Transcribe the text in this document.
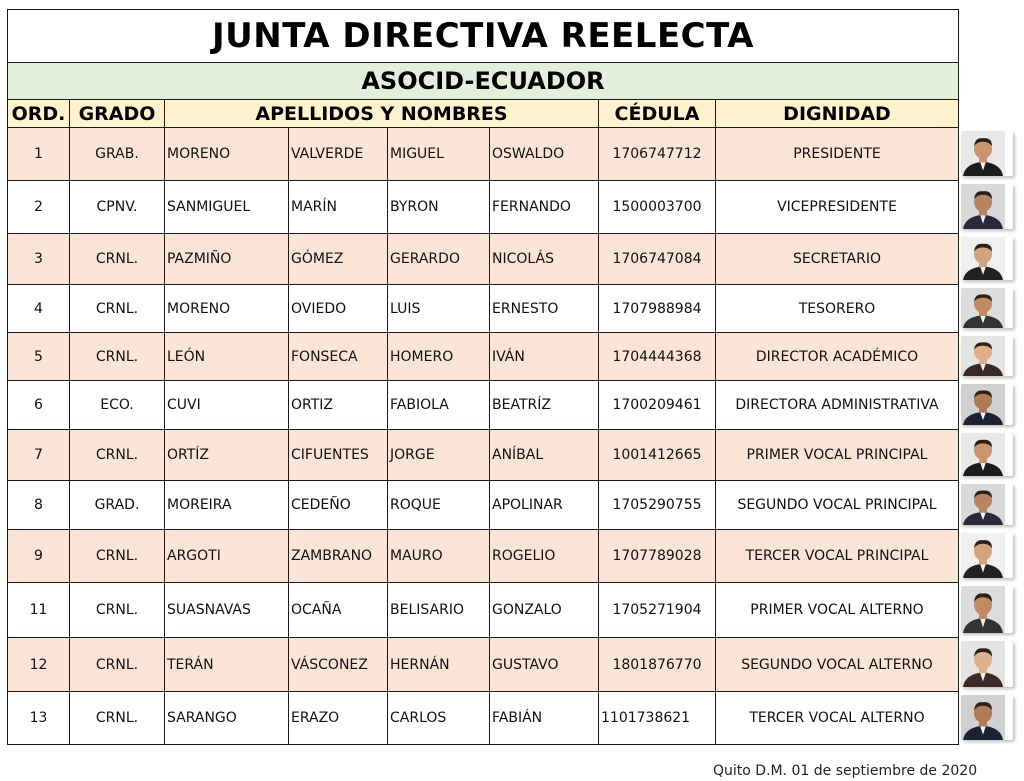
JUNTA DIRECTIVA REELECTA							
ASOCID-ECUADOR							
ORD.	GRADO	APELLIDOS Y NOMBRES				CÉDULA	DIGNIDAD
1	GRAB.	MORENO	VALVERDE	MIGUEL	OSWALDO	1706747712	PRESIDENTE
2	CPNV.	SANMIGUEL	MARÍN	BYRON	FERNANDO	1500003700	VICEPRESIDENTE
3	CRNL.	PAZMIÑO	GÓMEZ	GERARDO	NICOLÁS	1706747084	SECRETARIO
4	CRNL.	MORENO	OVIEDO	LUIS	ERNESTO	1707988984	TESORERO
5	CRNL.	LEÓN	FONSECA	HOMERO	IVÁN	1704444368	DIRECTOR ACADÉMICO
6	ECO.	CUVI	ORTIZ	FABIOLA	BEATRÍZ	1700209461	DIRECTORA ADMINISTRATIVA
7	CRNL.	ORTÍZ	CIFUENTES	JORGE	ANÍBAL	1001412665	PRIMER VOCAL PRINCIPAL
8	GRAD.	MOREIRA	CEDEÑO	ROQUE	APOLINAR	1705290755	SEGUNDO VOCAL PRINCIPAL
9	CRNL.	ARGOTI	ZAMBRANO	MAURO	ROGELIO	1707789028	TERCER VOCAL PRINCIPAL
11	CRNL.	SUASNAVAS	OCAÑA	BELISARIO	GONZALO	1705271904	PRIMER VOCAL ALTERNO
12	CRNL.	TERÁN	VÁSCONEZ	HERNÁN	GUSTAVO	1801876770	SEGUNDO VOCAL ALTERNO
13	CRNL.	SARANGO	ERAZO	CARLOS	FABIÁN	1101738621	TERCER VOCAL ALTERNO
Quito D.M. 01 de septiembre de 2020
